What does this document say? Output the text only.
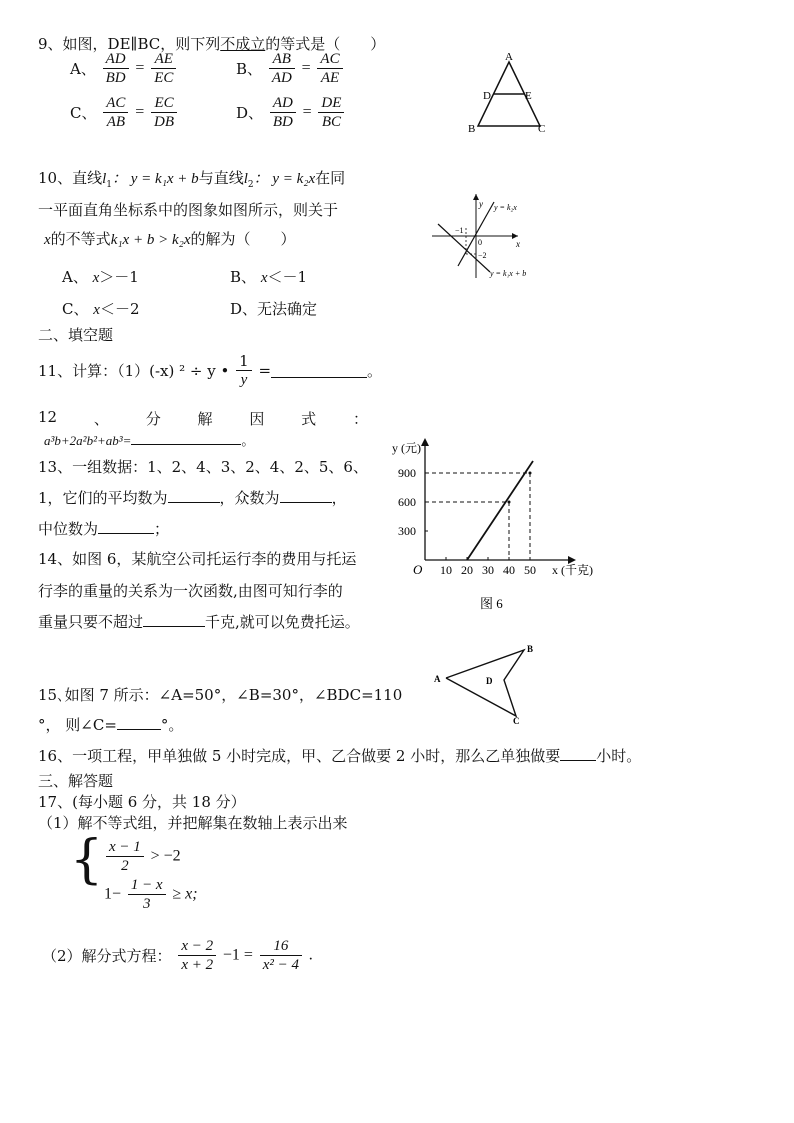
9、如图，DE∥BC，则下列不成立的等式是（　　）
A、 $\frac{AD}{BD} = \frac{AE}{EC}$	B、 $\frac{AB}{AD} = \frac{AC}{AE}$
C、 $\frac{AC}{AB} = \frac{EC}{DB}$	D、 $\frac{AD}{BD} = \frac{DE}{BC}$
A
D	E
B	C
10、直线$l_1$： y = k₁x + b与直线$l_2$： y = k₂x在同
一平面直角坐标系中的图象如图所示，则关于
x的不等式k₁x + b > k₂x的解为（　　）
A、 x＞－1	B、 x＜－1
C、 x＜－2	D、无法确定
y
x
0
−1
−2
y = k₂x
y = k₁x + b
二、填空题
11、计算：（1）(-x) ² ÷ y • $\frac{1}{y}$ =	。
12 、 分 解 因 式 ：
a³b+2a²b²+ab³=	。
13、一组数据：1、2、4、3、2、4、2、5、6、
1，它们的平均数为	，众数为	，
中位数为	；
14、如图 6，某航空公司托运行李的费用与托运
行李的重量的关系为一次函数,由图可知行李的
重量只要不超过	千克,就可以免费托运。
10 20 30 40 50
300
600
900
y (元)
x (千克)
O
图 6
15､如图 7 所示：∠A=50°，∠B=30°，∠BDC=110
°， 则∠C=	°。
A
B
D
C
16、一项工程，甲单独做 5 小时完成，甲、乙合做要 2 小时，那么乙单独做要 小时。
三、解答题
17、(每小题 6 分，共 18 分）
（1）解不等式组，并把解集在数轴上表示出来
{ $\frac{x - 1}{2} > -2$
$1- \frac{1 - x}{3} \ge x$;
（2）解分式方程： $\frac{x - 2}{x + 2} -1 = \frac{16}{\text{x² − 4}}$ .
